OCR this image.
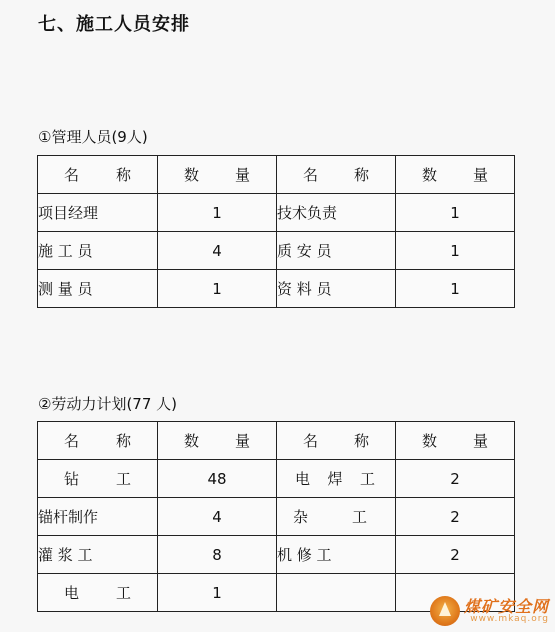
七、施工人员安排
①管理人员(9人)
名 称	数 量	名 称	数 量

项目经理	1	技术负责	1
施 工 员	4	质 安 员	1
测 量 员	1	资 料 员	1
②劳动力计划(77 人)
名 称	数 量	名 称	数 量

钻 工	48	电 焊 工	2
锚杆制作	4	杂 工	2
灌 浆 工	8	机 修 工	2

电 工	1		
煤矿安全网
www.mkaq.org
